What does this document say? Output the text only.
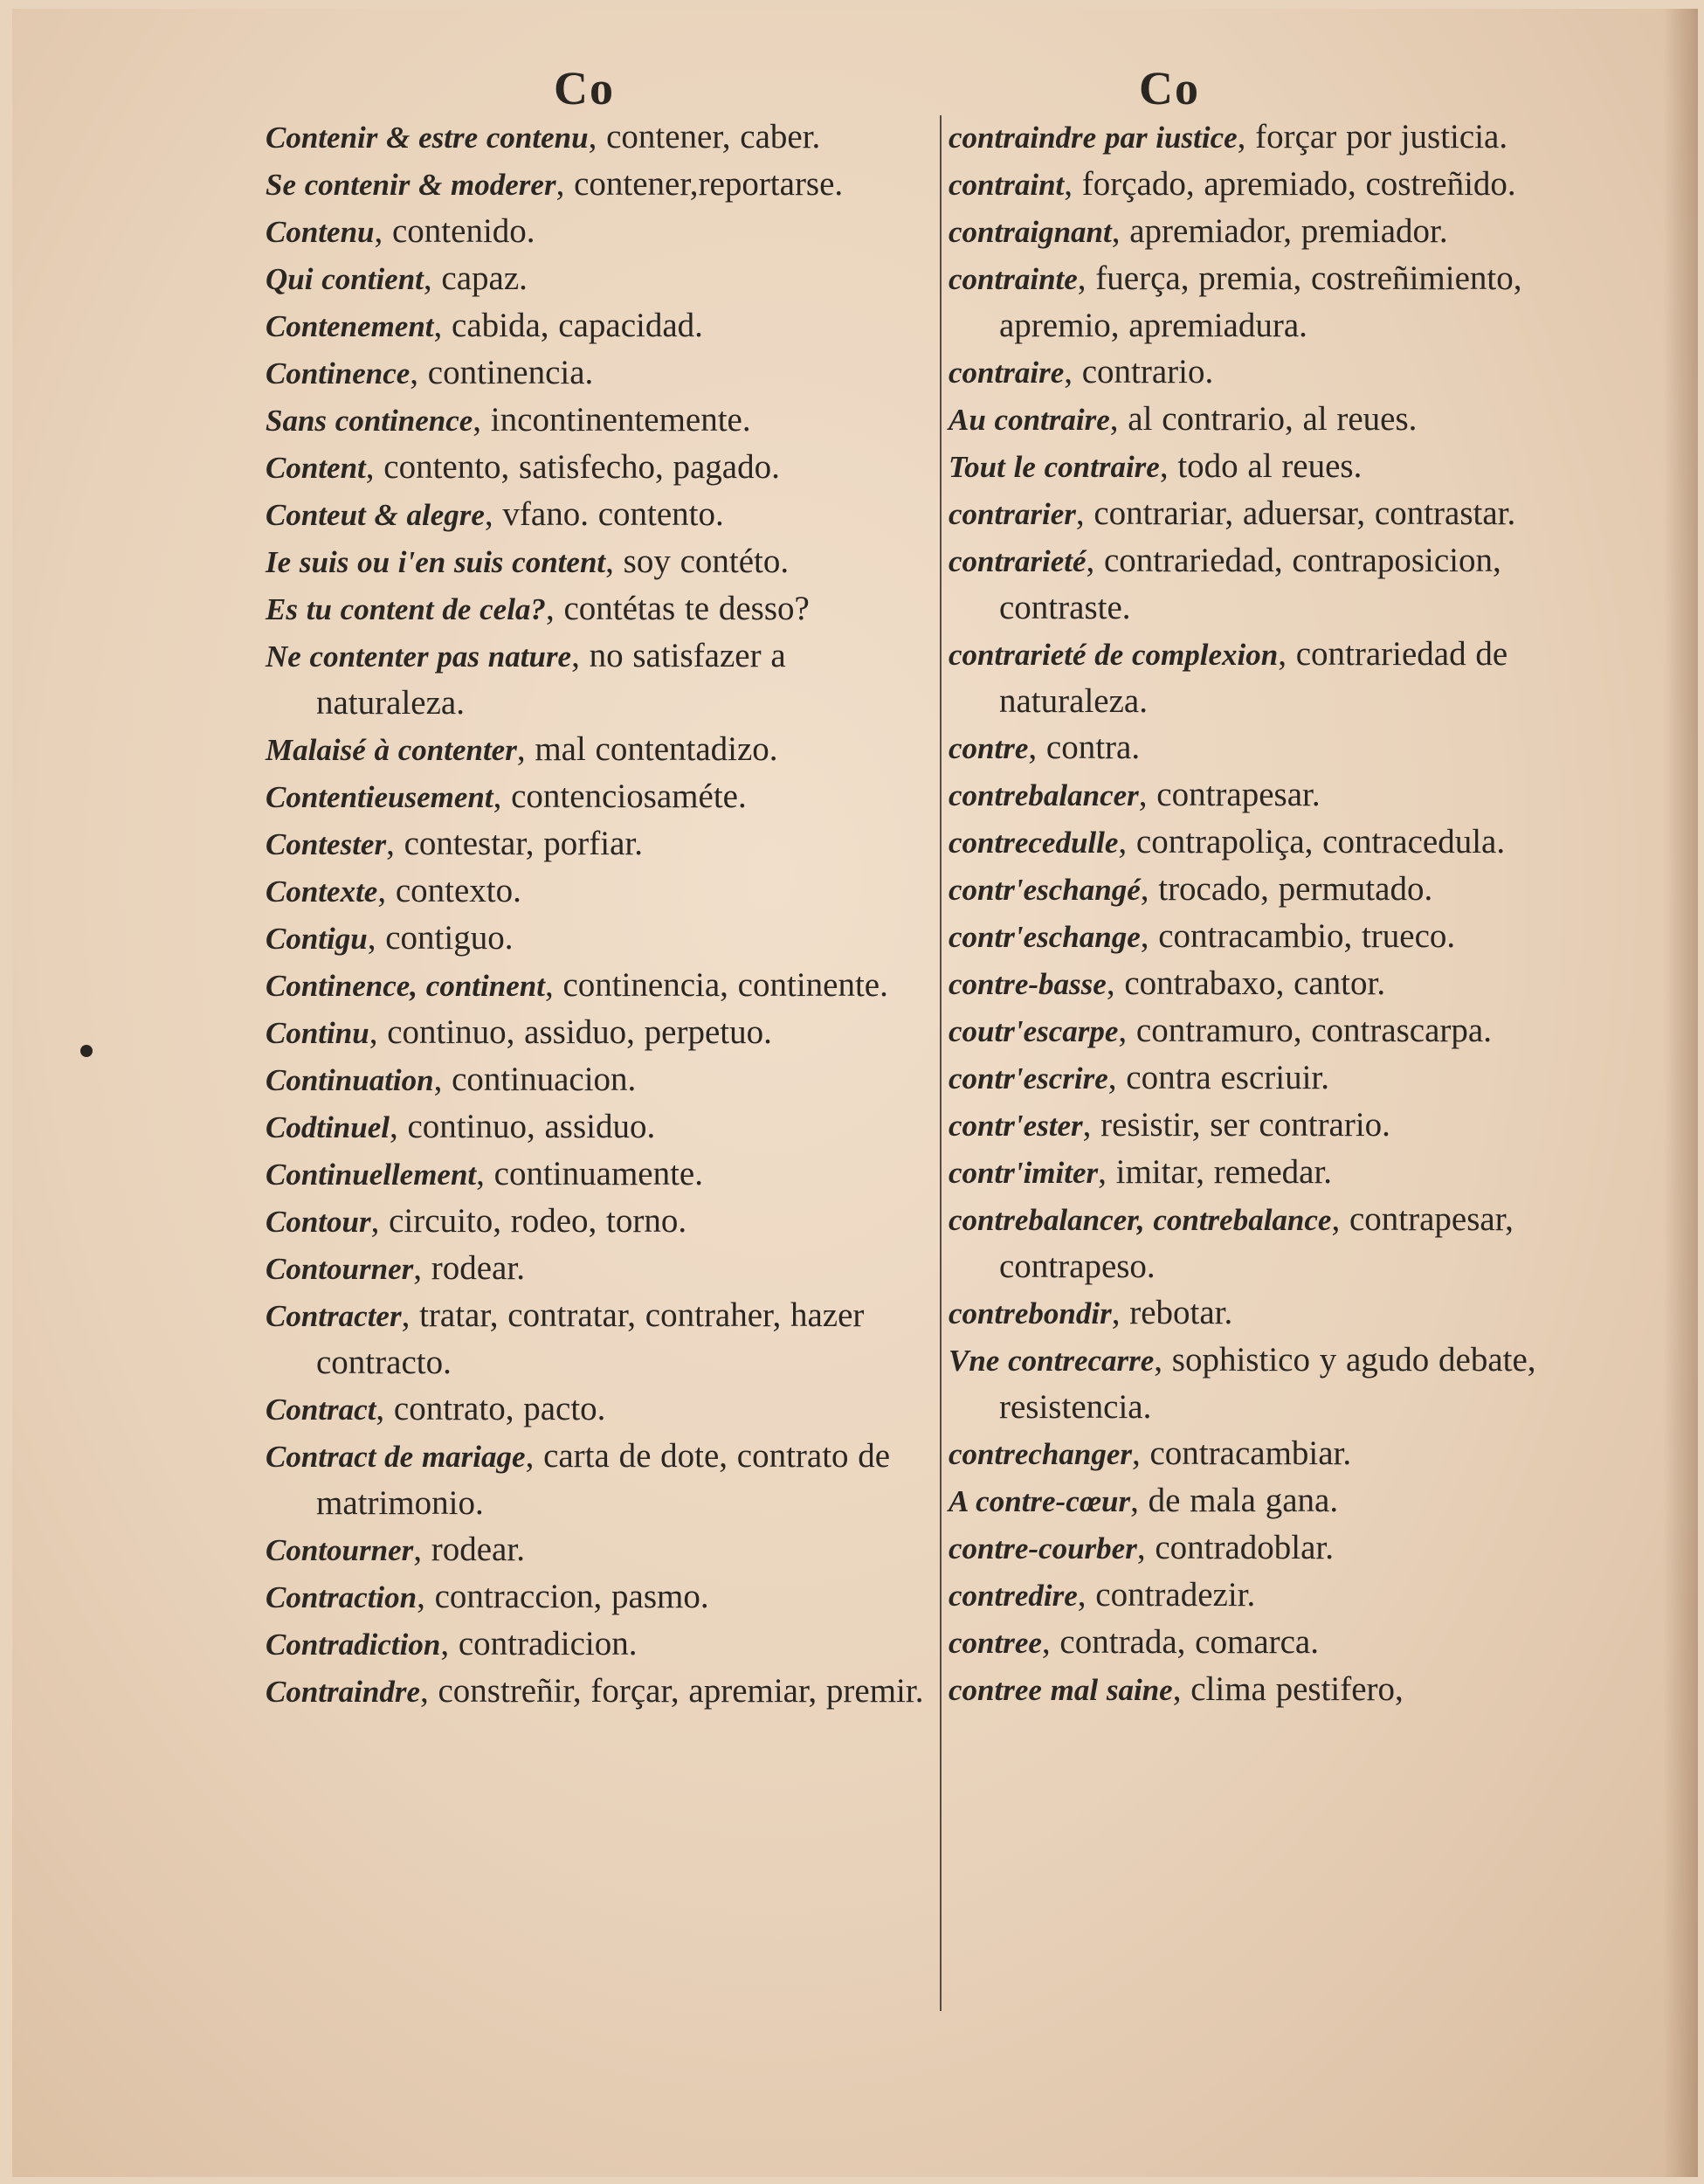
Co	Co
Contenir & estre contenu, contener, caber.
Se contenir & moderer, contener,reportarse.
Contenu, contenido.
Qui contient, capaz.
Contenement, cabida, capacidad.
Continence, continencia.
Sans continence, incontinentemente.
Content, contento, satisfecho, pagado.
Conteut & alegre, vfano. contento.
Ie suis ou i'en suis content, soy contéto.
Es tu content de cela?, contétas te desso?
Ne contenter pas nature, no satisfazer a naturaleza.
Malaisé à contenter, mal contentadizo.
Contentieusement, contenciosaméte.
Contester, contestar, porfiar.
Contexte, contexto.
Contigu, contiguo.
Continence, continent, continencia, continente.
Continu, continuo, assiduo, perpetuo.
Continuation, continuacion.
Codtinuel, continuo, assiduo.
Continuellement, continuamente.
Contour, circuito, rodeo, torno.
Contourner, rodear.
Contracter, tratar, contratar, contraher, hazer contracto.
Contract, contrato, pacto.
Contract de mariage, carta de dote, contrato de matrimonio.
Contourner, rodear.
Contraction, contraccion, pasmo.
Contradiction, contradicion.
Contraindre, constreñir, forçar, apremiar, premir.
contraindre par iustice, forçar por justicia.
contraint, forçado, apremiado, costreñido.
contraignant, apremiador, premiador.
contrainte, fuerça, premia, costreñimiento, apremio, apremiadura.
contraire, contrario.
Au contraire, al contrario, al reues.
Tout le contraire, todo al reues.
contrarier, contrariar, aduersar, contrastar.
contrarieté, contrariedad, contraposicion, contraste.
contrarieté de complexion, contrariedad de naturaleza.
contre, contra.
contrebalancer, contrapesar.
contrecedulle, contrapoliça, contracedula.
contr'eschangé, trocado, permutado.
contr'eschange, contracambio, trueco.
contre-basse, contrabaxo, cantor.
coutr'escarpe, contramuro, contrascarpa.
contr'escrire, contra escriuir.
contr'ester, resistir, ser contrario.
contr'imiter, imitar, remedar.
contrebalancer, contrebalance, contrapesar, contrapeso.
contrebondir, rebotar.
Vne contrecarre, sophistico y agudo debate, resistencia.
contrechanger, contracambiar.
A contre-cœur, de mala gana.
contre-courber, contradoblar.
contredire, contradezir.
contree, contrada, comarca.
contree mal saine, clima pestifero,
